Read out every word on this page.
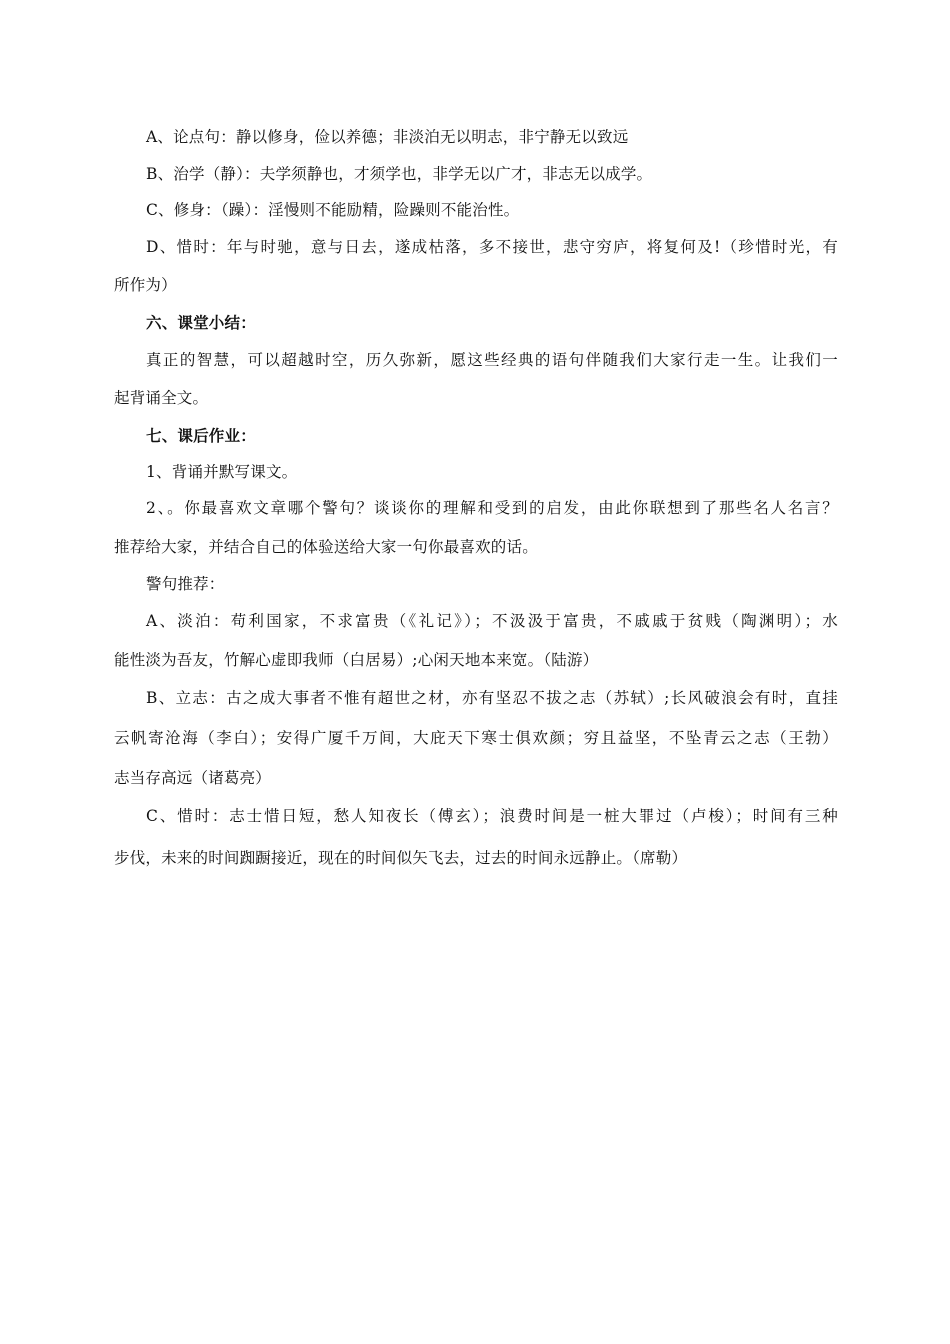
A、论点句：静以修身，俭以养德；非淡泊无以明志，非宁静无以致远
B、治学（静）：夫学须静也，才须学也，非学无以广才，非志无以成学。
C、修身：（躁）：淫慢则不能励精，险躁则不能治性。
D、惜时：年与时驰，意与日去，遂成枯落，多不接世，悲守穷庐，将复何及!（珍惜时光，有
所作为）
六、课堂小结：
真正的智慧，可以超越时空，历久弥新，愿这些经典的语句伴随我们大家行走一生。让我们一
起背诵全文。
七、课后作业：
1、背诵并默写课文。
2、。你最喜欢文章哪个警句？谈谈你的理解和受到的启发，由此你联想到了那些名人名言？
推荐给大家，并结合自己的体验送给大家一句你最喜欢的话。
警句推荐：
A、淡泊：苟利国家，不求富贵（《礼记》）；不汲汲于富贵，不戚戚于贫贱（陶渊明）；水
能性淡为吾友，竹解心虚即我师（白居易）;心闲天地本来宽。（陆游）
B、立志：古之成大事者不惟有超世之材，亦有坚忍不拔之志（苏轼）;长风破浪会有时，直挂
云帆寄沧海（李白）；安得广厦千万间，大庇天下寒士俱欢颜；穷且益坚，不坠青云之志（王勃）
志当存高远（诸葛亮）
C、惜时：志士惜日短，愁人知夜长（傅玄）；浪费时间是一桩大罪过（卢梭）；时间有三种
步伐，未来的时间踟蹰接近，现在的时间似矢飞去，过去的时间永远静止。（席勒）
